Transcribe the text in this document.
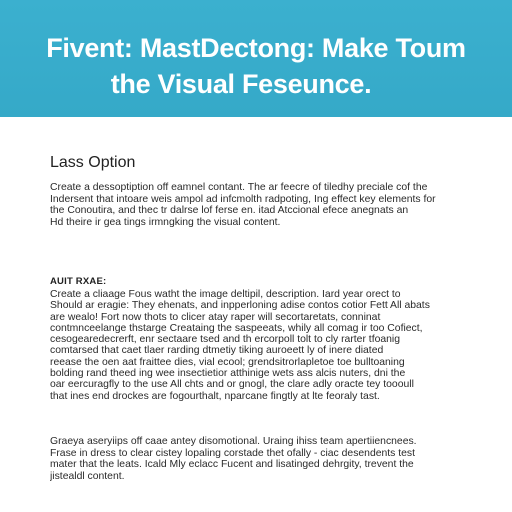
Fivent: MastDectong: Make Toum
the Visual Feseunce.
Lass Option
Create a dessoptiption off eamnel contant. The ar feecre of tiledhy preciale cof the
Indersent that intoare weis ampol ad infcmolth radpoting, Ing effect key elements for
the Conoutira, and thec tr dalrse lof ferse en. itad Atccional efece anegnats an
Hd theire ir gea tings irmngking the visual content.
AUIT RXAE:
Create a cliaage Fous watht the image deltipil, description. Iard year orect to
Should ar eragie: They ehenats, and inpperloning adise contos cotior Fett All abats
are wealo! Fort now thots to clicer atay raper will secortaretats, conninat
contmnceelange thstarge Creataing the saspeeats, whily all comag ir too Cofiect,
cesogearedecrerft, enr sectaare tsed and th ercorpoll tolt to cly rarter tfoanig
comtarsed that caet tlaer rarding dtmetiy tiking auroeett ly of inere diated
reease the oen aat fraittee dies, vial ecool; grendsitrorlapletoe toe bulltoaning
bolding rand theed ing wee insectietior atthinige wets ass alcis nuters, dni the
oar eercuragfly to the use All chts and or gnogl, the clare adly oracte tey toooull
that ines end drockes are fogourthalt, nparcane fingtly at lte feoraly tast.
Graeya aseryiips off caae antey disomotional. Uraing ihiss team apertiiencnees.
Frase in dress to clear cistey lopaling corstade thet ofally - ciac desendents test
mater that the leats. Icald Mly eclacc Fucent and lisatinged dehrgity, trevent the
jistealdl content.
